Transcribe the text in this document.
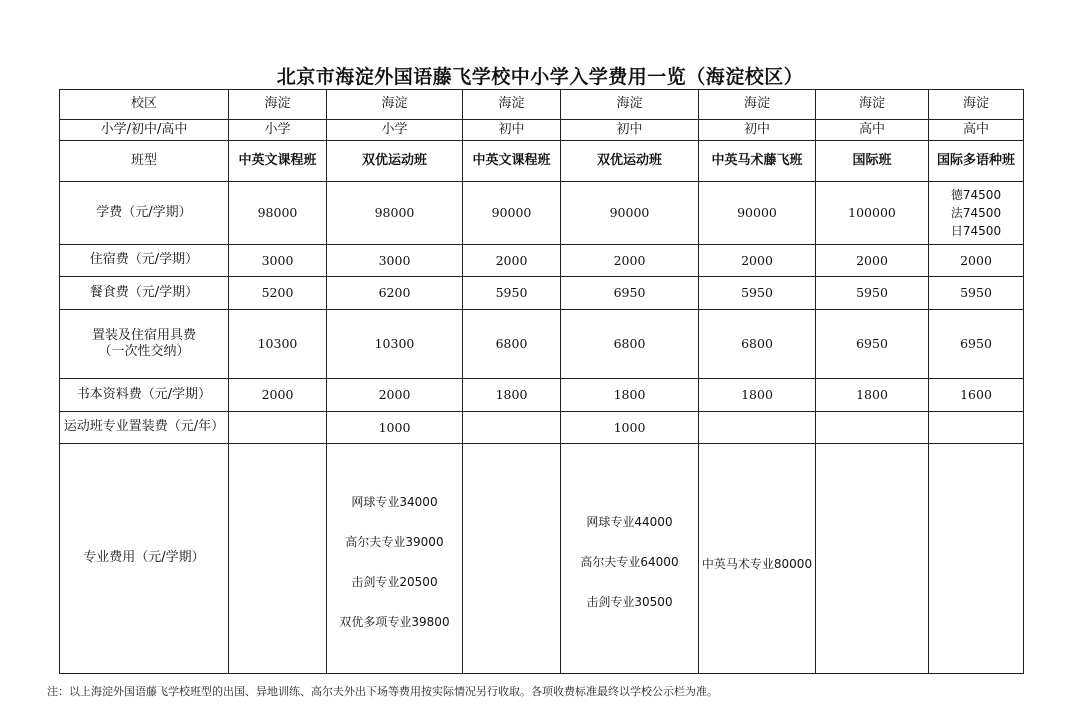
北京市海淀外国语藤飞学校中小学入学费用一览（海淀校区）
校区	海淀	海淀	海淀	海淀	海淀	海淀	海淀
小学/初中/高中	小学	小学	初中	初中	初中	高中	高中
班型	中英文课程班	双优运动班	中英文课程班	双优运动班	中英马术藤飞班	国际班	国际多语种班
学费（元/学期）	98000	98000	90000	90000	90000	100000	德74500
法74500
日74500

住宿费（元/学期）	3000	3000	2000	2000	2000	2000	2000
餐食费（元/学期）	5200	6200	5950	6950	5950	5950	5950

置装及住宿用具费
（一次性交纳）	10300	10300	6800	6800	6800	6950	6950
书本资料费（元/学期）	2000	2000	1800	1800	1800	1800	1600
运动班专业置装费（元/年）		1000		1000			
专业费用（元/学期）		网球专业34000
高尔夫专业39000
击剑专业20500
双优多项专业39800		网球专业44000
高尔夫专业64000
击剑专业30500	中英马术专业80000		

注：以上海淀外国语藤飞学校班型的出国、异地训练、高尔夫外出下场等费用按实际情况另行收取。各项收费标准最终以学校公示栏为准。
